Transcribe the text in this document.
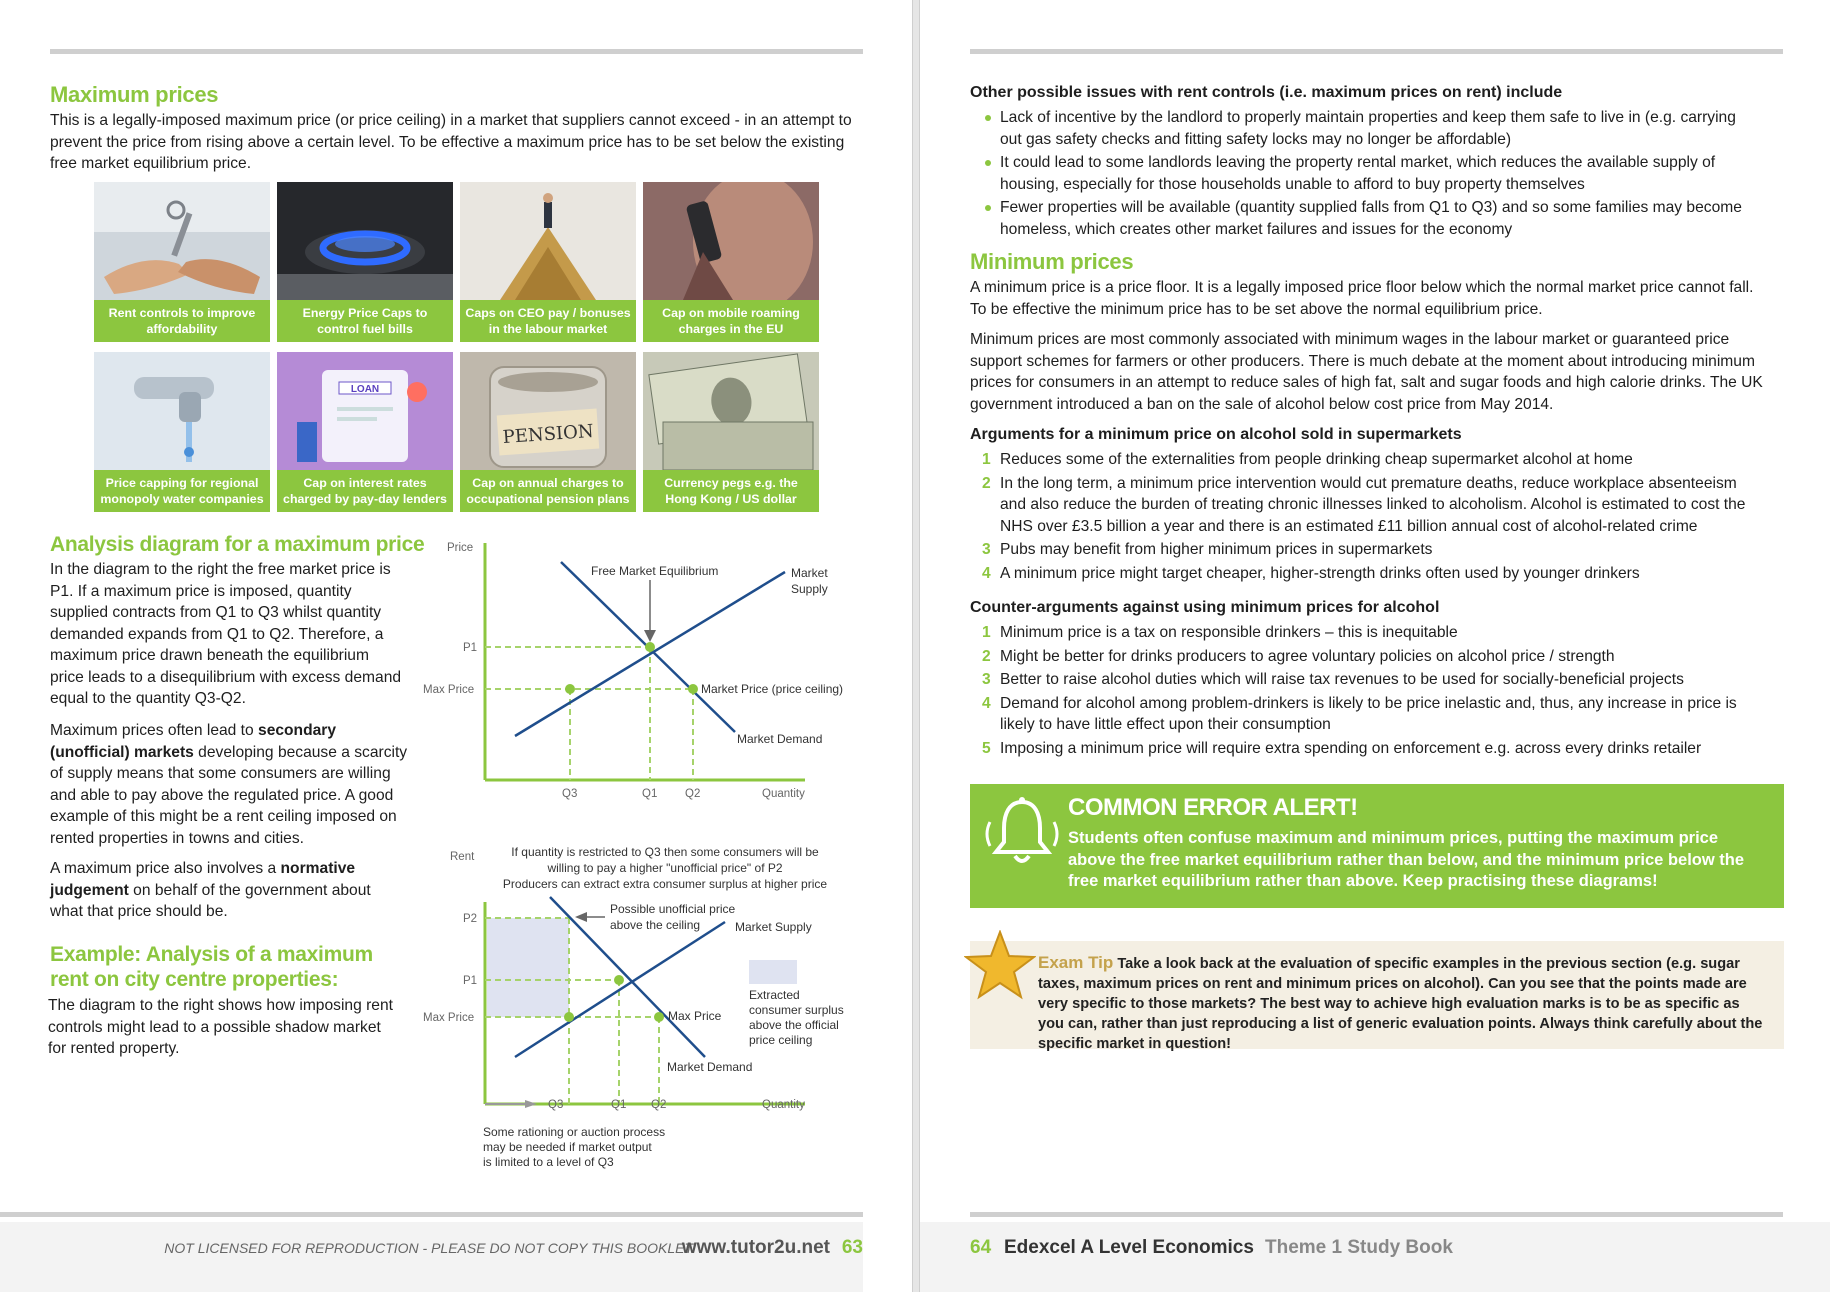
Maximum prices

This is a legally-imposed maximum price (or price ceiling) in a market that suppliers cannot exceed - in an attempt to prevent the price from rising above a certain level. To be effective a maximum price has to be set below the existing free market equilibrium price.

Rent controls to improve affordability
Energy Price Caps to control fuel bills
Caps on CEO pay / bonuses in the labour market
Cap on mobile roaming charges in the EU
Price capping for regional monopoly water companies
LOAN
Cap on interest rates charged by pay-day lenders
PENSION
Cap on annual charges to occupational pension plans
Currency pegs e.g. the Hong Kong / US dollar
Analysis diagram for a maximum price

In the diagram to the right the free market price is P1. If a maximum price is imposed, quantity supplied contracts from Q1 to Q3 whilst quantity demanded expands from Q1 to Q2. Therefore, a maximum price drawn beneath the equilibrium price leads to a disequilibrium with excess demand equal to the quantity Q3-Q2.

Maximum prices often lead to secondary (unofficial) markets developing because a scarcity of supply means that some consumers are willing and able to pay above the regulated price. A good example of this might be a rent ceiling imposed on rented properties in towns and cities.

A maximum price also involves a normative judgement on behalf of the government about what that price should be.

Example: Analysis of a maximum rent on city centre properties:

The diagram to the right shows how imposing rent controls might lead to a possible shadow market for rented property.

Price
Quantity
P1
Max Price
Q3	Q1 Q2
Free Market Equilibrium	Market
Supply
Market Price (price ceiling)
Market Demand
Rent	If quantity is restricted to Q3 then some consumers will be
willing to pay a higher "unofficial price" of P2
Producers can extract extra consumer surplus at higher price
Quantity
P2
P1
Max Price
Q3	Q1 Q2
Possible unofficial price
above the ceiling	Market Supply
Max Price
Market Demand
Extracted
consumer surplus
above the official
price ceiling
Some rationing or auction process
may be needed if market output
is limited to a level of Q3
NOT LICENSED FOR REPRODUCTION - PLEASE DO NOT COPY THIS BOOKLET
www.tutor2u.net 63
Other possible issues with rent controls (i.e. maximum prices on rent) include
Lack of incentive by the landlord to properly maintain properties and keep them safe to live in (e.g. carrying out gas safety checks and fitting safety locks may no longer be affordable)
It could lead to some landlords leaving the property rental market, which reduces the available supply of housing, especially for those households unable to afford to buy property themselves
Fewer properties will be available (quantity supplied falls from Q1 to Q3) and so some families may become homeless, which creates other market failures and issues for the economy
Minimum prices

A minimum price is a price floor. It is a legally imposed price floor below which the normal market price cannot fall. To be effective the minimum price has to be set above the normal equilibrium price.

Minimum prices are most commonly associated with minimum wages in the labour market or guaranteed price support schemes for farmers or other producers. There is much debate at the moment about introducing minimum prices for consumers in an attempt to reduce sales of high fat, salt and sugar foods and high calorie drinks. The UK government introduced a ban on the sale of alcohol below cost price from May 2014.

Arguments for a minimum price on alcohol sold in supermarkets
1 Reduces some of the externalities from people drinking cheap supermarket alcohol at home
2 In the long term, a minimum price intervention would cut premature deaths, reduce workplace absenteeism and also reduce the burden of treating chronic illnesses linked to alcoholism. Alcohol is estimated to cost the NHS over £3.5 billion a year and there is an estimated £11 billion annual cost of alcohol-related crime
3 Pubs may benefit from higher minimum prices in supermarkets
4 A minimum price might target cheaper, higher-strength drinks often used by younger drinkers
Counter-arguments against using minimum prices for alcohol
1 Minimum price is a tax on responsible drinkers – this is inequitable
2 Might be better for drinks producers to agree voluntary policies on alcohol price / strength
3 Better to raise alcohol duties which will raise tax revenues to be used for socially-beneficial projects
4 Demand for alcohol among problem-drinkers is likely to be price inelastic and, thus, any increase in price is likely to have little effect upon their consumption
5 Imposing a minimum price will require extra spending on enforcement e.g. across every drinks retailer
COMMON ERROR ALERT!
Students often confuse maximum and minimum prices, putting the maximum price above the free market equilibrium rather than below, and the minimum price below the free market equilibrium rather than above. Keep practising these diagrams!
Exam Tip Take a look back at the evaluation of specific examples in the previous section (e.g. sugar taxes, maximum prices on rent and minimum prices on alcohol). Can you see that the points made are very specific to those markets? The best way to achieve high evaluation marks is to be as specific as you can, rather than just reproducing a list of generic evaluation points. Always think carefully about the specific market in question!
64 Edexcel A Level Economics Theme 1 Study Book
